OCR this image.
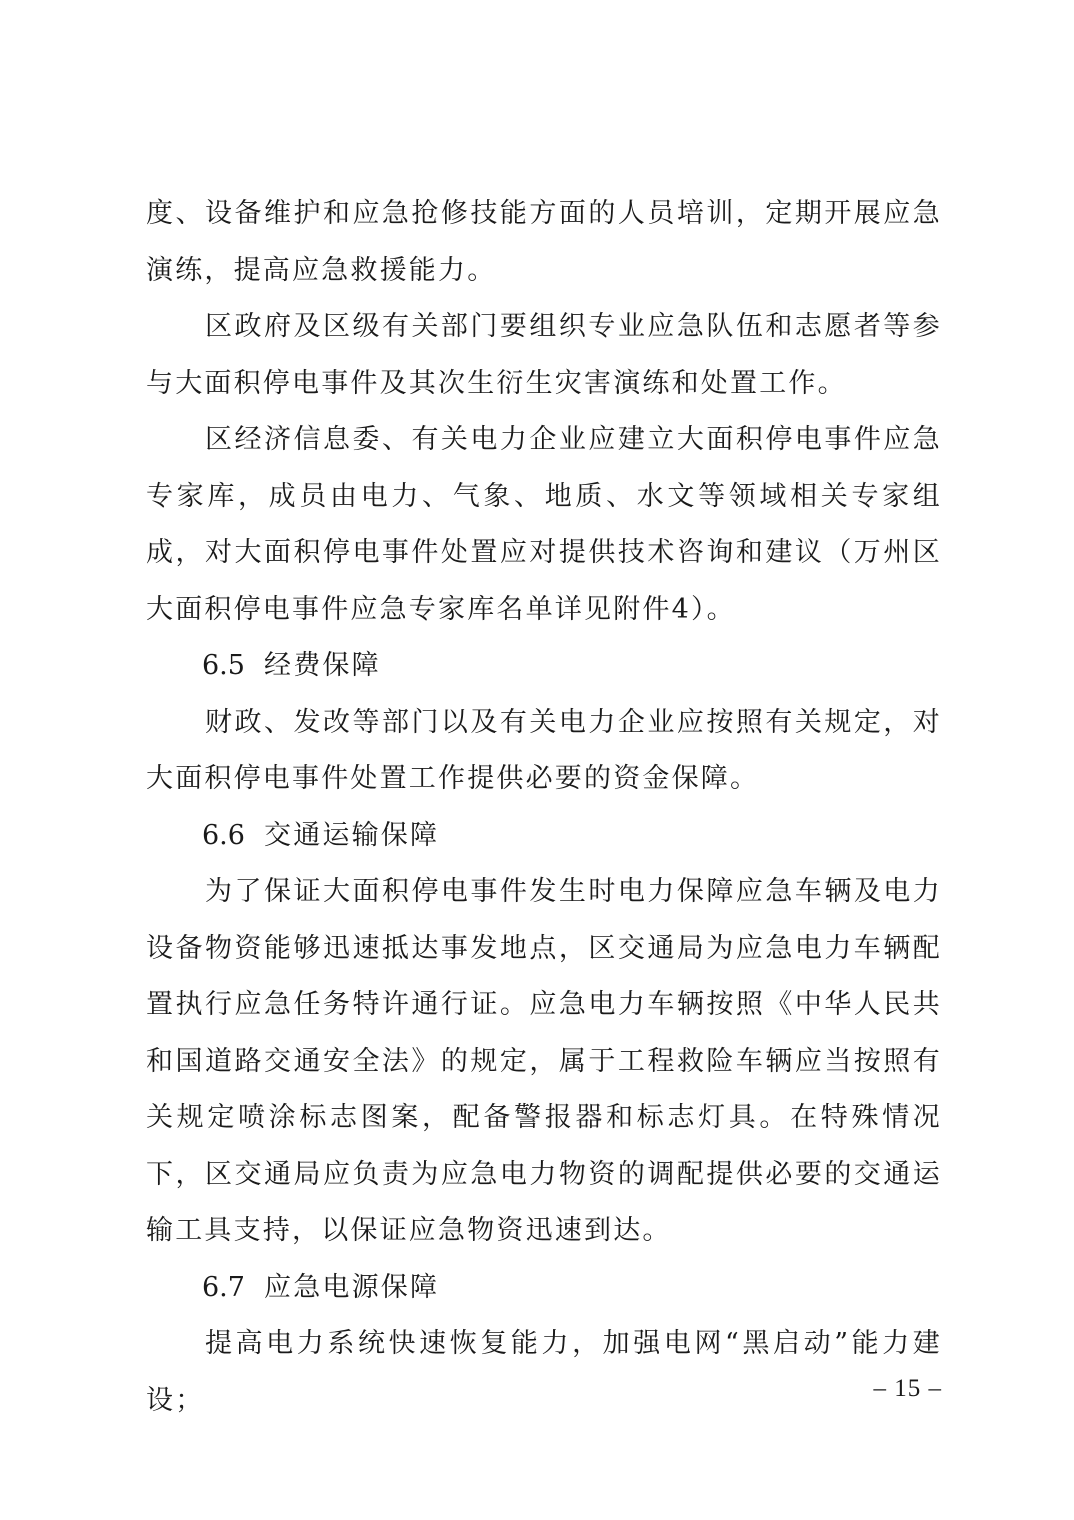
度、设备维护和应急抢修技能方面的人员培训，定期开展应急演练，提高应急救援能力。

区政府及区级有关部门要组织专业应急队伍和志愿者等参与大面积停电事件及其次生衍生灾害演练和处置工作。

区经济信息委、有关电力企业应建立大面积停电事件应急专家库，成员由电力、气象、地质、水文等领域相关专家组成，对大面积停电事件处置应对提供技术咨询和建议（万州区大面积停电事件应急专家库名单详见附件4）。

6.5 经费保障

财政、发改等部门以及有关电力企业应按照有关规定，对大面积停电事件处置工作提供必要的资金保障。

6.6 交通运输保障

为了保证大面积停电事件发生时电力保障应急车辆及电力设备物资能够迅速抵达事发地点，区交通局为应急电力车辆配置执行应急任务特许通行证。应急电力车辆按照《中华人民共和国道路交通安全法》的规定，属于工程救险车辆应当按照有关规定喷涂标志图案，配备警报器和标志灯具。在特殊情况下，区交通局应负责为应急电力物资的调配提供必要的交通运输工具支持，以保证应急物资迅速到达。

6.7 应急电源保障

提高电力系统快速恢复能力，加强电网“黑启动”能力建设；	– 15 –
